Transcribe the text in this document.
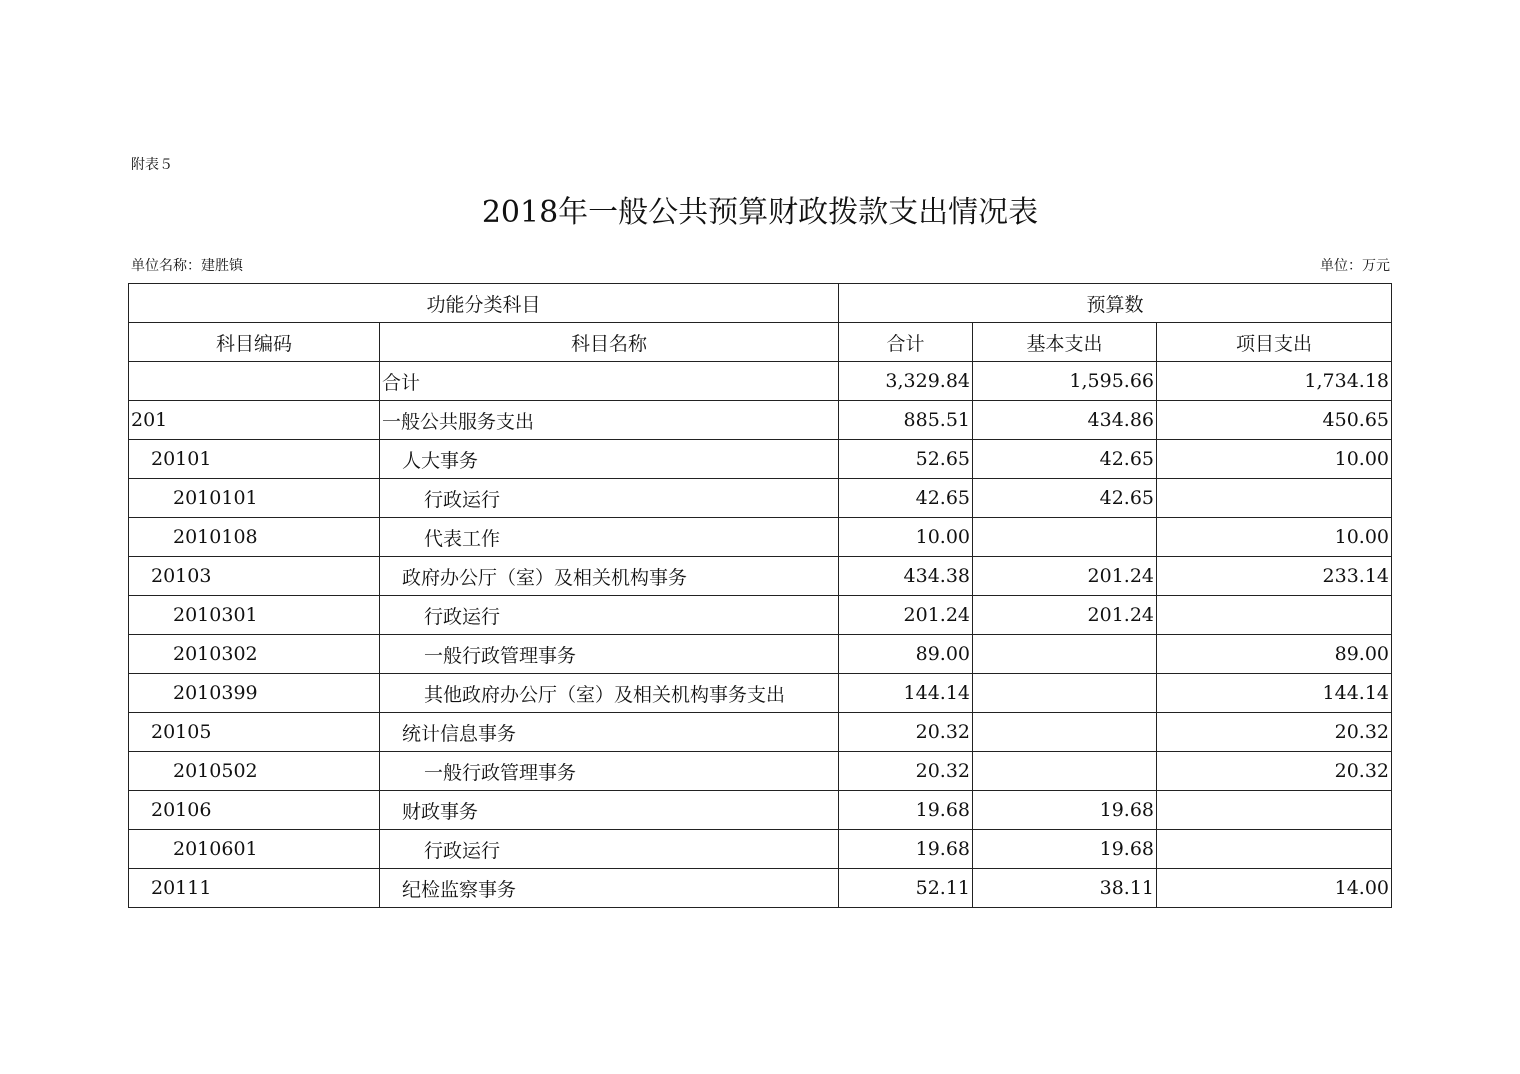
附表５
2018年一般公共预算财政拨款支出情况表
单位名称：建胜镇	单位：万元
功能分类科目		预算数		
科目编码	科目名称	合计	基本支出	项目支出
	合计	3,329.84	1,595.66	1,734.18
201	一般公共服务支出	885.51	434.86	450.65
20101	人大事务	52.65	42.65	10.00
2010101	行政运行	42.65	42.65	
2010108	代表工作	10.00		10.00
20103	政府办公厅（室）及相关机构事务	434.38	201.24	233.14
2010301	行政运行	201.24	201.24	
2010302	一般行政管理事务	89.00		89.00
2010399	其他政府办公厅（室）及相关机构事务支出	144.14		144.14
20105	统计信息事务	20.32		20.32
2010502	一般行政管理事务	20.32		20.32
20106	财政事务	19.68	19.68	
2010601	行政运行	19.68	19.68	
20111	纪检监察事务	52.11	38.11	14.00
